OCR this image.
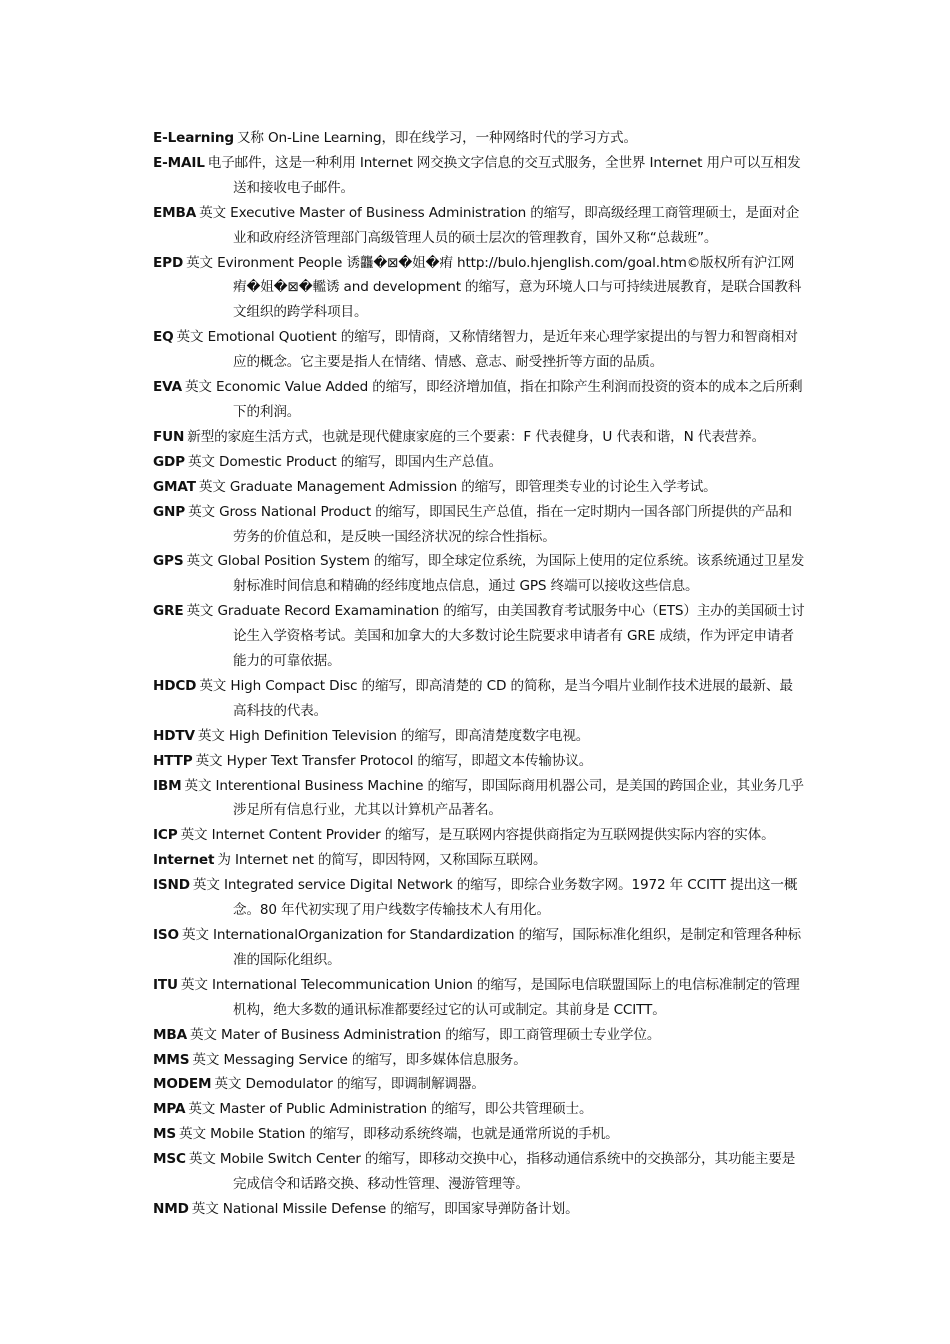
E-Learning 又称 On-Line Learning，即在线学习，一种网络时代的学习方式。

E-MAIL 电子邮件，这是一种利用 Internet 网交换文字信息的交互式服务，全世界 Internet 用户可以互相发送和接收电子邮件。

EMBA 英文 Executive Master of Business Administration 的缩写，即高级经理工商管理硕士，是面对企业和政府经济管理部门高级管理人员的硕士层次的管理教育，国外又称“总裁班”。

EPD 英文 Evironment People 诱龘�⊠�姐�痏 http://bulo.hjenglish.com/goal.htm©版权所有沪江网痏�姐�⊠�轞诱 and development 的缩写，意为环境人口与可持续进展教育，是联合国教科文组织的跨学科项目。

EQ 英文 Emotional Quotient 的缩写，即情商，又称情绪智力，是近年来心理学家提出的与智力和智商相对应的概念。它主要是指人在情绪、情感、意志、耐受挫折等方面的品质。

EVA 英文 Economic Value Added 的缩写，即经济增加值，指在扣除产生利润而投资的资本的成本之后所剩下的利润。

FUN 新型的家庭生活方式，也就是现代健康家庭的三个要素：F 代表健身，U 代表和谐，N 代表营养。

GDP 英文 Domestic Product 的缩写，即国内生产总值。

GMAT 英文 Graduate Management Admission 的缩写，即管理类专业的讨论生入学考试。

GNP 英文 Gross National Product 的缩写，即国民生产总值，指在一定时期内一国各部门所提供的产品和劳务的价值总和，是反映一国经济状况的综合性指标。

GPS 英文 Global Position System 的缩写，即全球定位系统，为国际上使用的定位系统。该系统通过卫星发射标准时间信息和精确的经纬度地点信息，通过 GPS 终端可以接收这些信息。

GRE 英文 Graduate Record Examamination 的缩写，由美国教育考试服务中心（ETS）主办的美国硕士讨论生入学资格考试。美国和加拿大的大多数讨论生院要求申请者有 GRE 成绩，作为评定申请者能力的可靠依据。

HDCD 英文 High Compact Disc 的缩写，即高清楚的 CD 的简称，是当今唱片业制作技术进展的最新、最高科技的代表。

HDTV 英文 High Definition Television 的缩写，即高清楚度数字电视。

HTTP 英文 Hyper Text Transfer Protocol 的缩写，即超文本传输协议。

IBM 英文 Interentional Business Machine 的缩写，即国际商用机器公司，是美国的跨国企业，其业务几乎涉足所有信息行业，尤其以计算机产品著名。

ICP 英文 Internet Content Provider 的缩写，是互联网内容提供商指定为互联网提供实际内容的实体。

Internet 为 Internet net 的简写，即因特网，又称国际互联网。

ISND 英文 Integrated service Digital Network 的缩写，即综合业务数字网。1972 年 CCITT 提出这一概念。80 年代初实现了用户线数字传输技术人有用化。

ISO 英文 InternationalOrganization for Standardization 的缩写，国际标准化组织，是制定和管理各种标准的国际化组织。

ITU 英文 International Telecommunication Union 的缩写，是国际电信联盟国际上的电信标准制定的管理机构，绝大多数的通讯标准都要经过它的认可或制定。其前身是 CCITT。

MBA 英文 Mater of Business Administration 的缩写，即工商管理硕士专业学位。

MMS 英文 Messaging Service 的缩写，即多媒体信息服务。

MODEM 英文 Demodulator 的缩写，即调制解调器。

MPA 英文 Master of Public Administration 的缩写，即公共管理硕士。

MS 英文 Mobile Station 的缩写，即移动系统终端，也就是通常所说的手机。

MSC 英文 Mobile Switch Center 的缩写，即移动交换中心，指移动通信系统中的交换部分，其功能主要是完成信令和话路交换、移动性管理、漫游管理等。

NMD 英文 National Missile Defense 的缩写，即国家导弹防备计划。
